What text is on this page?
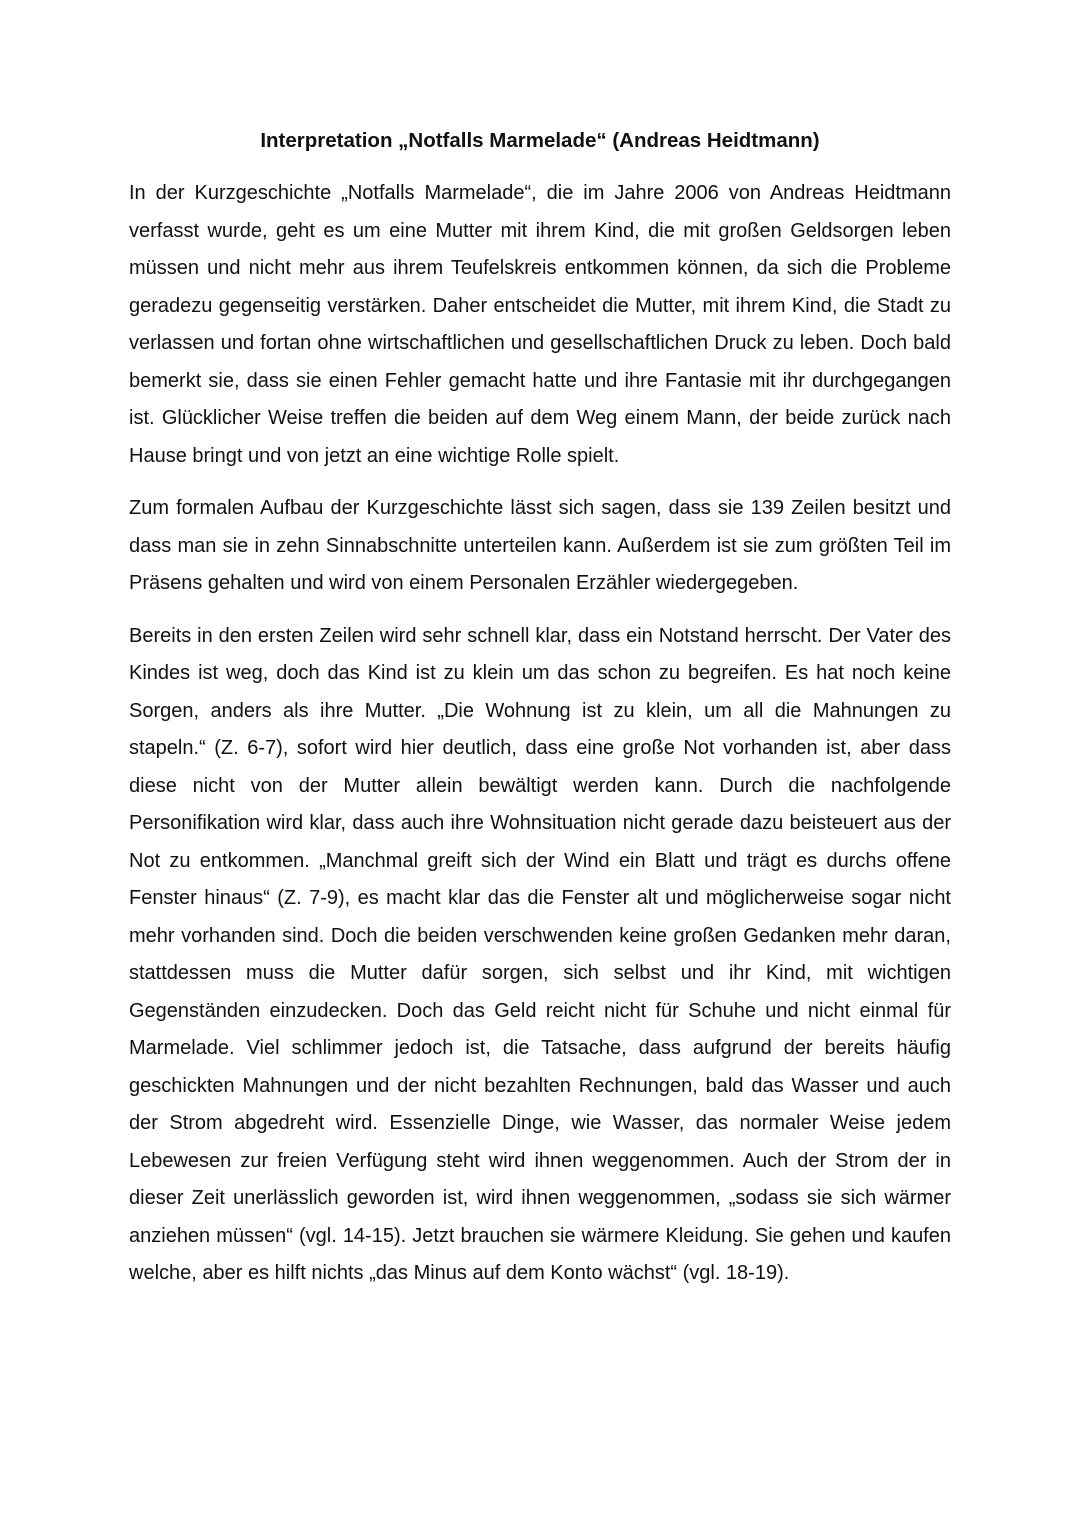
Interpretation „Notfalls Marmelade“ (Andreas Heidtmann)

In der Kurzgeschichte „Notfalls Marmelade“, die im Jahre 2006 von Andreas Heidtmann verfasst wurde, geht es um eine Mutter mit ihrem Kind, die mit großen Geldsorgen leben müssen und nicht mehr aus ihrem Teufelskreis entkommen können, da sich die Probleme geradezu gegenseitig verstärken. Daher entscheidet die Mutter, mit ihrem Kind, die Stadt zu verlassen und fortan ohne wirtschaftlichen und gesellschaftlichen Druck zu leben. Doch bald bemerkt sie, dass sie einen Fehler gemacht hatte und ihre Fantasie mit ihr durchgegangen ist. Glücklicher Weise treffen die beiden auf dem Weg einem Mann, der beide zurück nach Hause bringt und von jetzt an eine wichtige Rolle spielt.

Zum formalen Aufbau der Kurzgeschichte lässt sich sagen, dass sie 139 Zeilen besitzt und dass man sie in zehn Sinnabschnitte unterteilen kann. Außerdem ist sie zum größten Teil im Präsens gehalten und wird von einem Personalen Erzähler wiedergegeben.

Bereits in den ersten Zeilen wird sehr schnell klar, dass ein Notstand herrscht. Der Vater des Kindes ist weg, doch das Kind ist zu klein um das schon zu begreifen. Es hat noch keine Sorgen, anders als ihre Mutter. „Die Wohnung ist zu klein, um all die Mahnungen zu stapeln.“ (Z. 6-7), sofort wird hier deutlich, dass eine große Not vorhanden ist, aber dass diese nicht von der Mutter allein bewältigt werden kann. Durch die nachfolgende Personifikation wird klar, dass auch ihre Wohnsituation nicht gerade dazu beisteuert aus der Not zu entkommen. „Manchmal greift sich der Wind ein Blatt und trägt es durchs offene Fenster hinaus“ (Z. 7-9), es macht klar das die Fenster alt und möglicherweise sogar nicht mehr vorhanden sind. Doch die beiden verschwenden keine großen Gedanken mehr daran, stattdessen muss die Mutter dafür sorgen, sich selbst und ihr Kind, mit wichtigen Gegenständen einzudecken. Doch das Geld reicht nicht für Schuhe und nicht einmal für Marmelade. Viel schlimmer jedoch ist, die Tatsache, dass aufgrund der bereits häufig geschickten Mahnungen und der nicht bezahlten Rechnungen, bald das Wasser und auch der Strom abgedreht wird. Essenzielle Dinge, wie Wasser, das normaler Weise jedem Lebewesen zur freien Verfügung steht wird ihnen weggenommen. Auch der Strom der in dieser Zeit unerlässlich geworden ist, wird ihnen weggenommen, „sodass sie sich wärmer anziehen müssen“ (vgl. 14-15). Jetzt brauchen sie wärmere Kleidung. Sie gehen und kaufen welche, aber es hilft nichts „das Minus auf dem Konto wächst“ (vgl. 18-19).
